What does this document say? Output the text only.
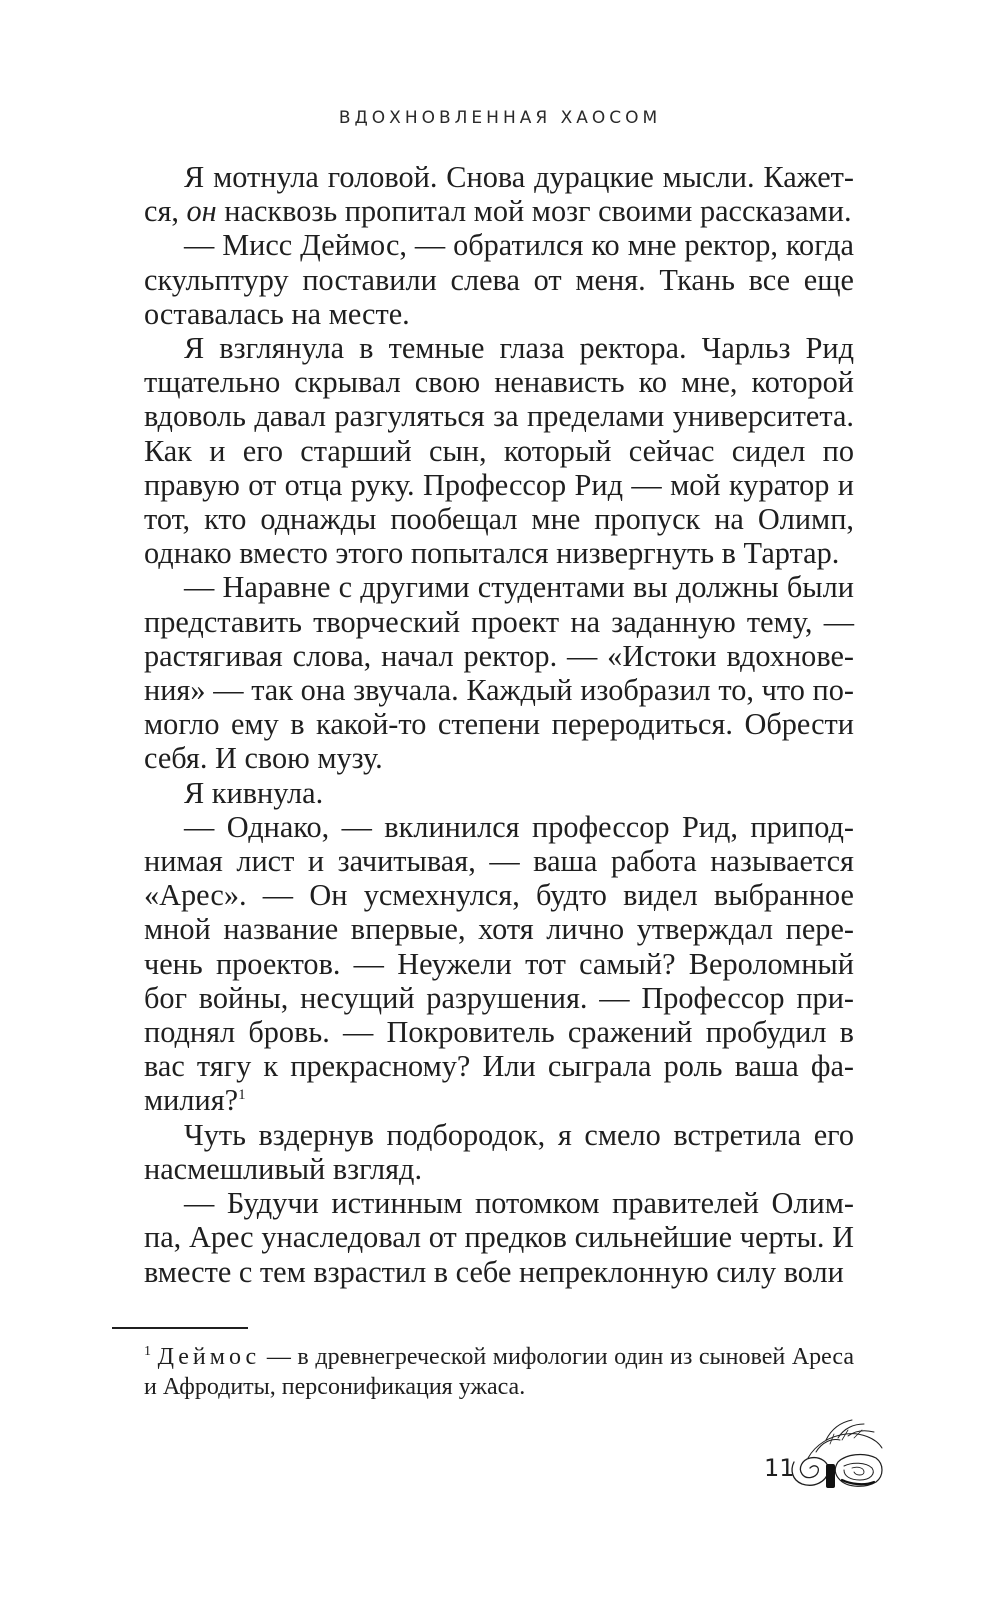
ВДОХНОВЛЕННАЯ ХАОСОМ

Я мотнула головой. Снова дурацкие мысли. Кажется, он насквозь пропитал мой мозг своими рассказами.

— Мисс Деймос, — обратился ко мне ректор, когда скульптуру поставили слева от меня. Ткань все еще оставалась на месте.

Я взглянула в темные глаза ректора. Чарльз Рид тщательно скрывал свою ненависть ко мне, которой вдоволь давал разгуляться за пределами университета. Как и его старший сын, который сейчас сидел по правую от отца руку. Профессор Рид — мой куратор и тот, кто однажды пообещал мне пропуск на Олимп, однако вместо этого попытался низвергнуть в Тартар.

— Наравне с другими студентами вы должны были представить творческий проект на заданную тему, — растягивая слова, начал ректор. — «Истоки вдохновения» — так она звучала. Каждый изобразил то, что помогло ему в какой-то степени переродиться. Обрести себя. И свою музу.

Я кивнула.

— Однако, — вклинился профессор Рид, приподнимая лист и зачитывая, — ваша работа называется «Арес». — Он усмехнулся, будто видел выбранное мной название впервые, хотя лично утверждал перечень проектов. — Неужели тот самый? Вероломный бог войны, несущий разрушения. — Профессор приподнял бровь. — Покровитель сражений пробудил в вас тягу к прекрасному? Или сыграла роль ваша фамилия?$^1$

Чуть вздернув подбородок, я смело встретила его насмешливый взгляд.

— Будучи истинным потомком правителей Олимпа, Арес унаследовал от предков сильнейшие черты. И вместе с тем взрастил в себе непреклонную силу воли

$^1$ Деймос — в древнегреческой мифологии один из сыновей Ареса и Афродиты, персонификация ужаса.

11
